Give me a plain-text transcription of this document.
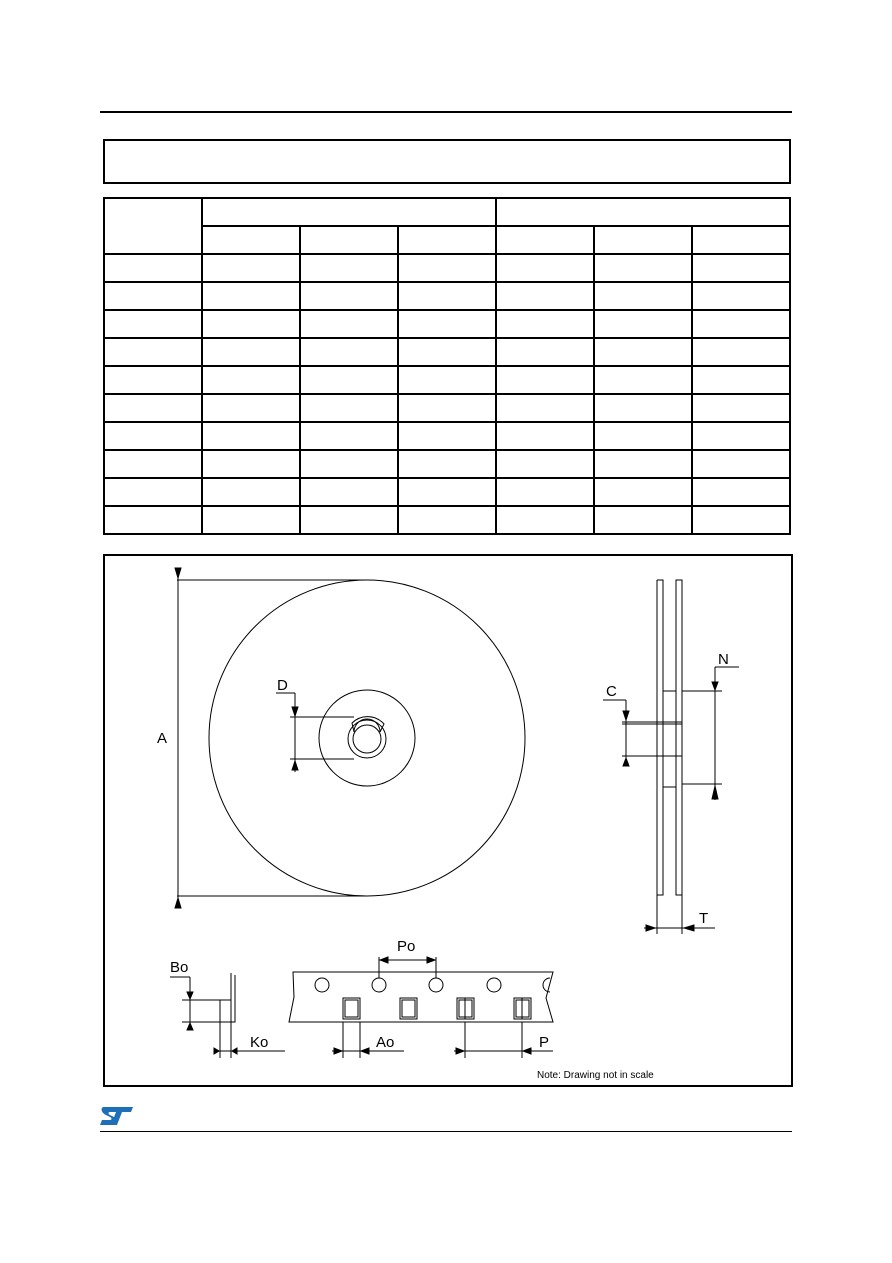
A
D	C
N
T
Bo
Ko
Po
Ao	P
Note: Drawing not in scale
